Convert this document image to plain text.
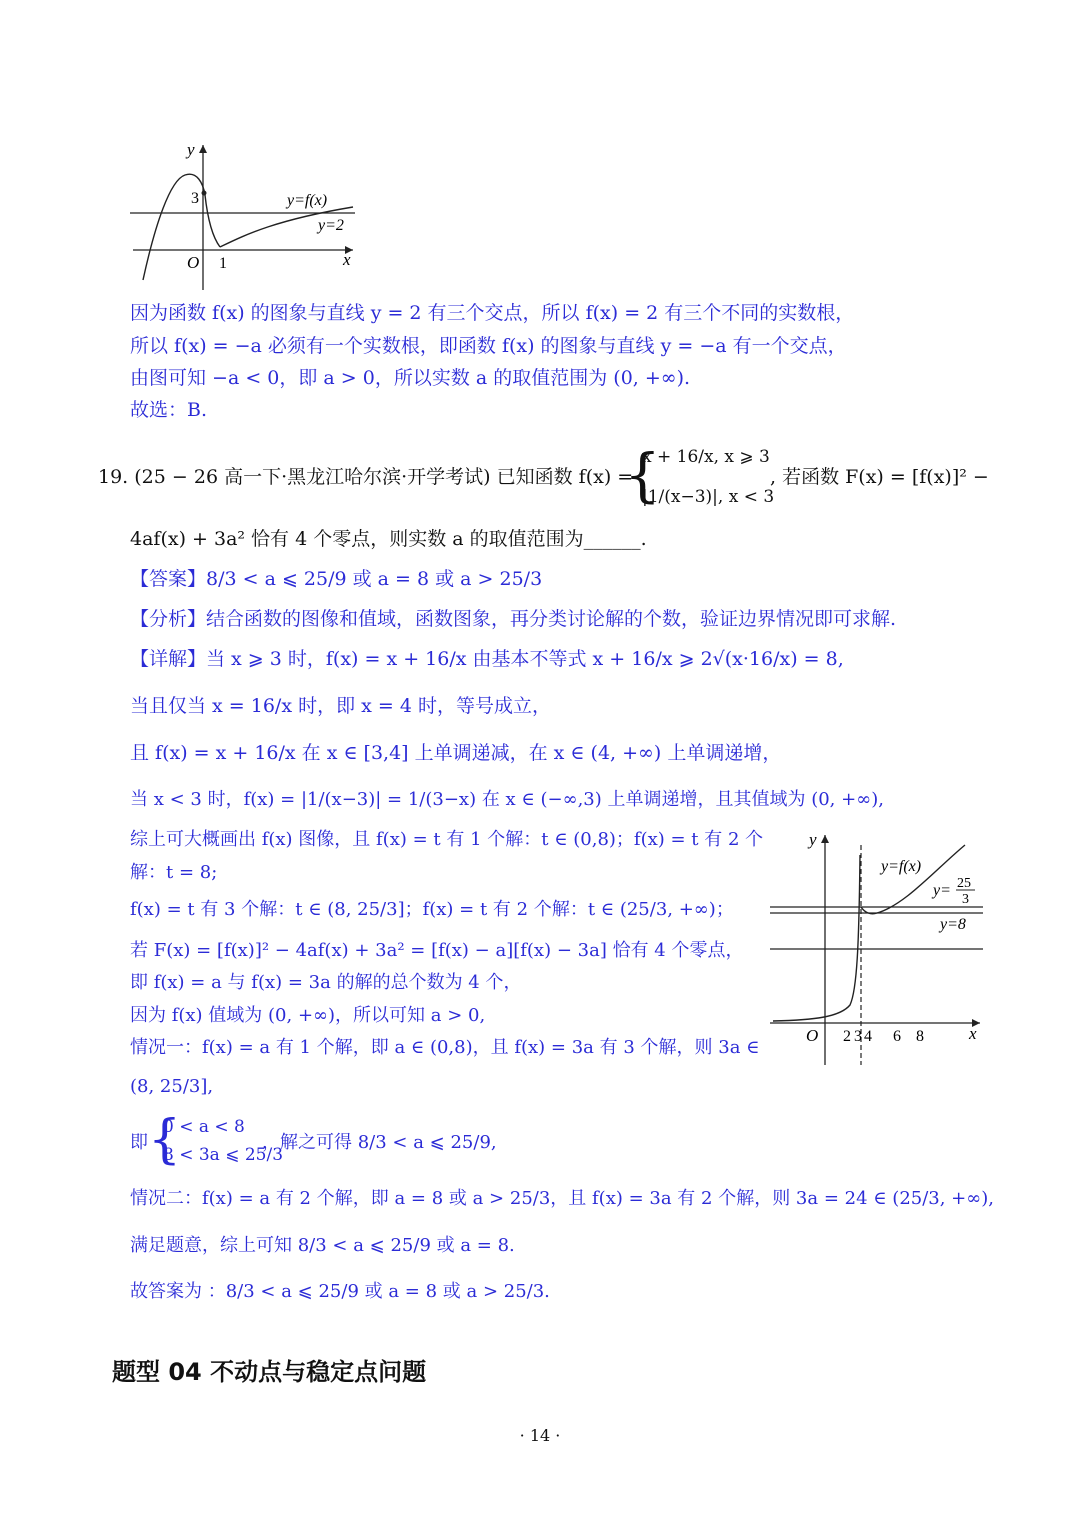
y
x
O 1
3	y=f(x)
y=2
因为函数 f(x) 的图象与直线 y = 2 有三个交点，所以 f(x) = 2 有三个不同的实数根，
所以 f(x) = −a 必须有一个实数根，即函数 f(x) 的图象与直线 y = −a 有一个交点，
由图可知 −a < 0，即 a > 0，所以实数 a 的取值范围为 (0, +∞).
故选：B.
19. (25 − 26 高一下·黑龙江哈尔滨·开学考试) 已知函数 f(x) =
{
x + 16/x, x ⩾ 3
|1/(x−3)|, x < 3
, 若函数 F(x) = [f(x)]² −
4af(x) + 3a² 恰有 4 个零点，则实数 a 的取值范围为______.
【答案】8/3 < a ⩽ 25/9 或 a = 8 或 a > 25/3
【分析】结合函数的图像和值域，函数图象，再分类讨论解的个数，验证边界情况即可求解.
【详解】当 x ⩾ 3 时，f(x) = x + 16/x 由基本不等式 x + 16/x ⩾ 2√(x·16/x) = 8,
当且仅当 x = 16/x 时，即 x = 4 时，等号成立，
且 f(x) = x + 16/x 在 x ∈ [3,4] 上单调递减，在 x ∈ (4, +∞) 上单调递增，
当 x < 3 时，f(x) = |1/(x−3)| = 1/(3−x) 在 x ∈ (−∞,3) 上单调递增，且其值域为 (0, +∞),
综上可大概画出 f(x) 图像，且 f(x) = t 有 1 个解：t ∈ (0,8)；f(x) = t 有 2 个
解：t = 8;
f(x) = t 有 3 个解：t ∈ (8, 25/3]；f(x) = t 有 2 个解：t ∈ (25/3, +∞)；
若 F(x) = [f(x)]² − 4af(x) + 3a² = [f(x) − a][f(x) − 3a] 恰有 4 个零点，
即 f(x) = a 与 f(x) = 3a 的解的总个数为 4 个，
因为 f(x) 值域为 (0, +∞)，所以可知 a > 0,
情况一：f(x) = a 有 1 个解，即 a ∈ (0,8)，且 f(x) = 3a 有 3 个解，则 3a ∈
(8, 25/3],
即 {
0 < a < 8
8 < 3a ⩽ 25/3
，解之可得 8/3 < a ⩽ 25/9,
情况二：f(x) = a 有 2 个解，即 a = 8 或 a > 25/3，且 f(x) = 3a 有 2 个解，则 3a = 24 ∈ (25/3, +∞),
满足题意，综上可知 8/3 < a ⩽ 25/9 或 a = 8.
故答案为 ：8/3 < a ⩽ 25/9 或 a = 8 或 a > 25/3.
y
x
O 2 3 4 6 8
y=f(x)
y= 25
3
y=8
题型 04 不动点与稳定点问题
· 14 ·
